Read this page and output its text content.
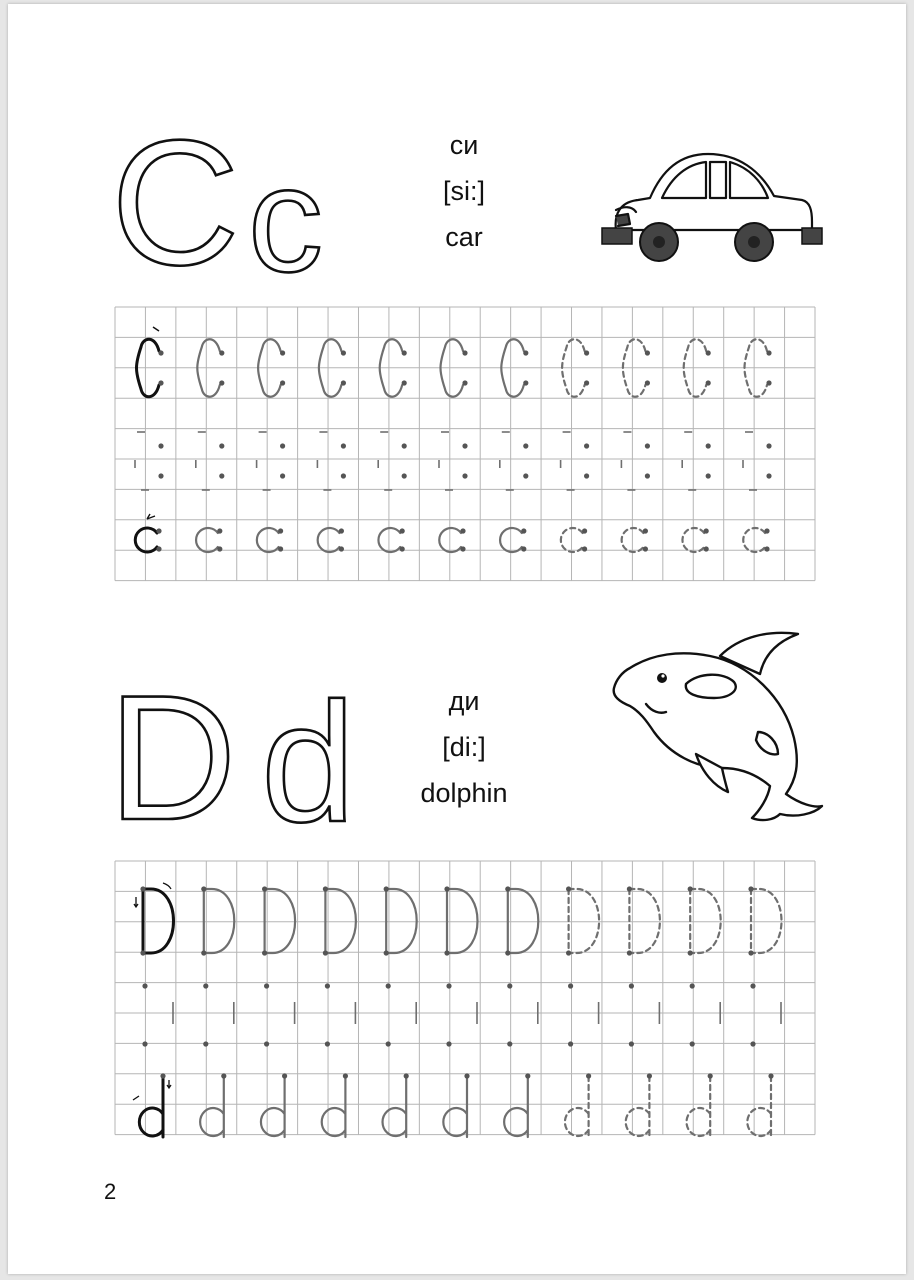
C c	си
[si:]
car
D d	ди
[di:]
dolphin
2
